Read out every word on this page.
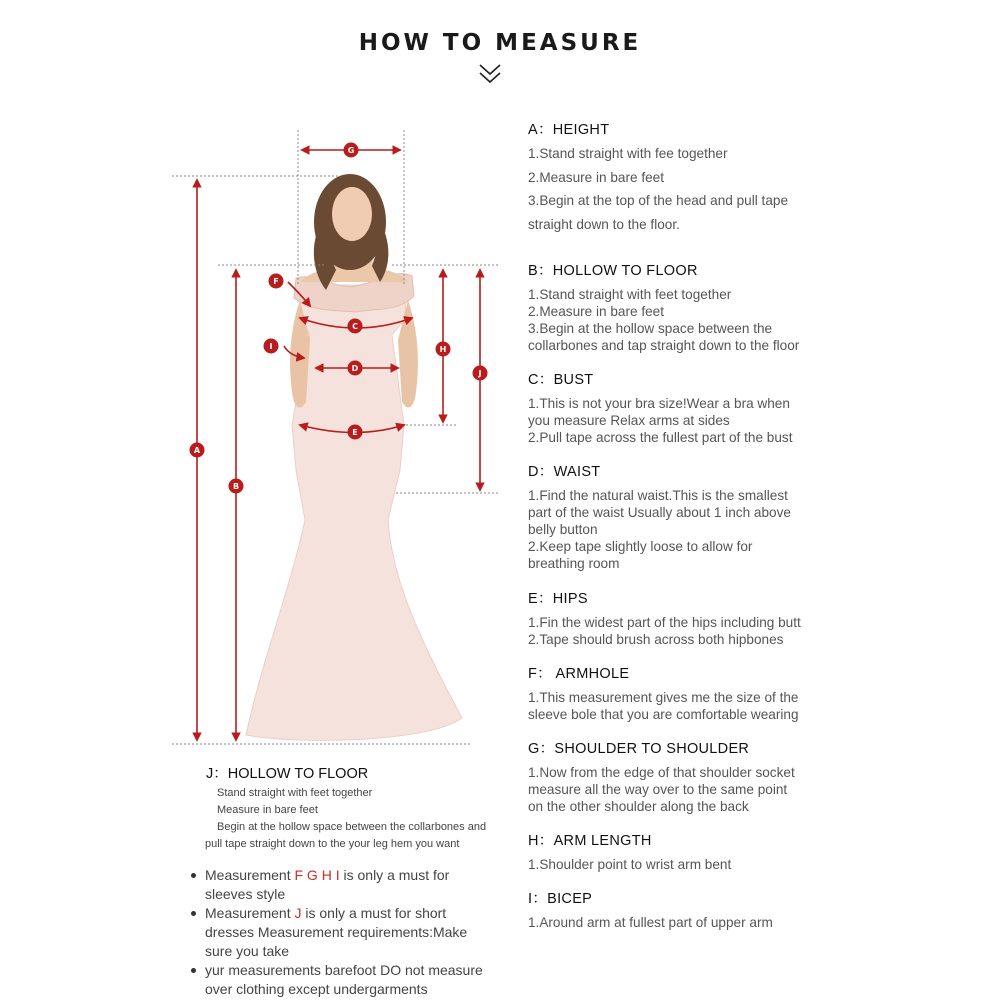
HOW TO MEASURE
G
A
B
C
D
E
F
I	H
J
A：HEIGHT

1.Stand straight with fee together

2.Measure in bare feet

3.Begin at the top of the head and pull tape

straight down to the floor.

B：HOLLOW TO FLOOR

1.Stand straight with feet together

2.Measure in bare feet

3.Begin at the hollow space between the

collarbones and tap straight down to the floor

C：BUST

1.This is not your bra size!Wear a bra when

you measure Relax arms at sides

2.Pull tape across the fullest part of the bust

D：WAIST

1.Find the natural waist.This is the smallest

part of the waist Usually about 1 inch above

belly button

2.Keep tape slightly loose to allow for

breathing room

E：HIPS

1.Fin the widest part of the hips including butt

2.Tape should brush across both hipbones

F： ARMHOLE

1.This measurement gives me the size of the

sleeve bole that you are comfortable wearing

G：SHOULDER TO SHOULDER

1.Now from the edge of that shoulder socket

measure all the way over to the same point

on the other shoulder along the back

H：ARM LENGTH

1.Shoulder point to wrist arm bent

I：BICEP

1.Around arm at fullest part of upper arm

J：HOLLOW TO FLOOR

Stand straight with feet together

Measure in bare feet

Begin at the hollow space between the collarbones and

pull tape straight down to the your leg hem you want

Measurement F G H I is only a must for
sleeves style
Measurement J is only a must for short
dresses Measurement requirements:Make
sure you take
yur measurements barefoot DO not measure
over clothing except undergarments
